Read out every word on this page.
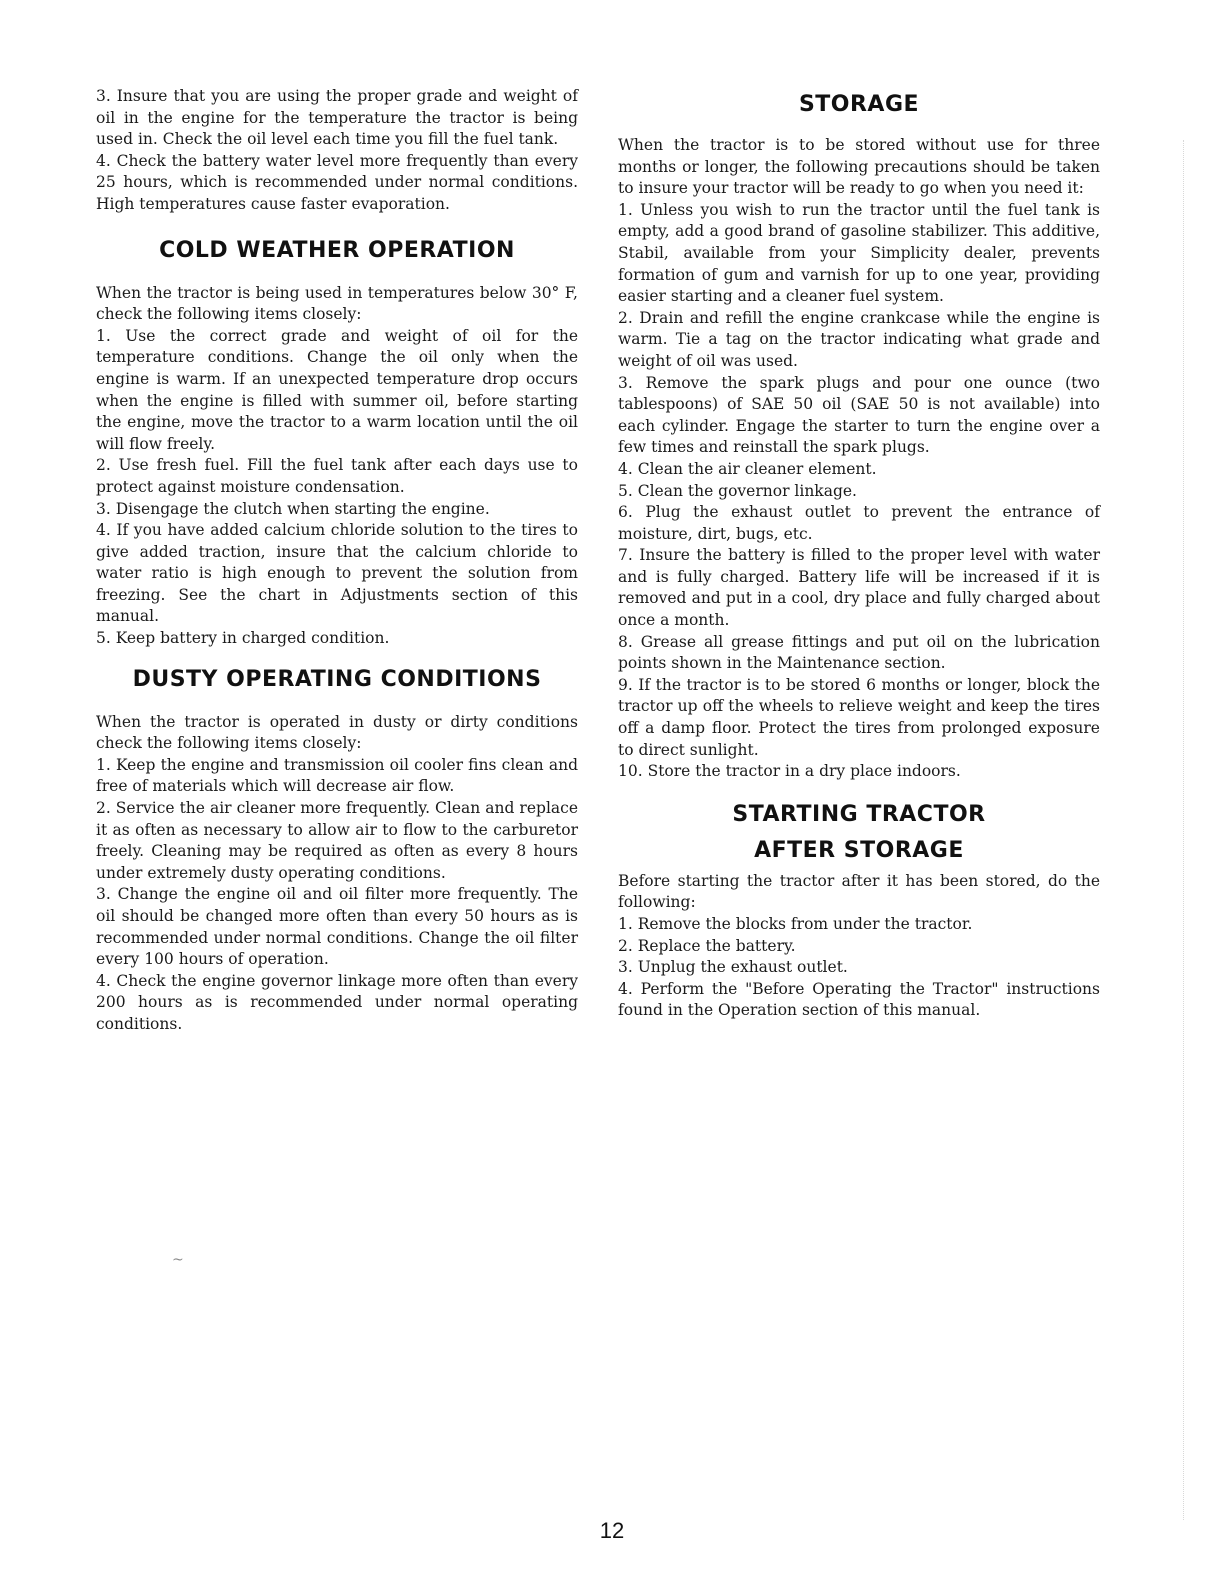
3. Insure that you are using the proper grade and weight of oil in the engine for the temperature the tractor is being used in. Check the oil level each time you fill the fuel tank.

4. Check the battery water level more frequently than every 25 hours, which is recommended under normal conditions. High temperatures cause faster evaporation.

COLD WEATHER OPERATION

When the tractor is being used in temperatures below 30° F, check the following items closely:

1. Use the correct grade and weight of oil for the temperature conditions. Change the oil only when the engine is warm. If an unexpected temperature drop occurs when the engine is filled with summer oil, before starting the engine, move the tractor to a warm location until the oil will flow freely.

2. Use fresh fuel. Fill the fuel tank after each days use to protect against moisture condensation.

3. Disengage the clutch when starting the engine.

4. If you have added calcium chloride solution to the tires to give added traction, insure that the calcium chloride to water ratio is high enough to prevent the solution from freezing. See the chart in Adjustments section of this manual.

5. Keep battery in charged condition.

DUSTY OPERATING CONDITIONS

When the tractor is operated in dusty or dirty conditions check the following items closely:

1. Keep the engine and transmission oil cooler fins clean and free of materials which will decrease air flow.

2. Service the air cleaner more frequently. Clean and replace it as often as necessary to allow air to flow to the carburetor freely. Cleaning may be required as often as every 8 hours under extremely dusty operating conditions.

3. Change the engine oil and oil filter more frequently. The oil should be changed more often than every 50 hours as is recommended under normal conditions. Change the oil filter every 100 hours of operation.

4. Check the engine governor linkage more often than every 200 hours as is recommended under normal operating conditions.

STORAGE

When the tractor is to be stored without use for three months or longer, the following precautions should be taken to insure your tractor will be ready to go when you need it:

1. Unless you wish to run the tractor until the fuel tank is empty, add a good brand of gasoline stabilizer. This additive, Stabil, available from your Simplicity dealer, prevents formation of gum and varnish for up to one year, providing easier starting and a cleaner fuel system.

2. Drain and refill the engine crankcase while the engine is warm. Tie a tag on the tractor indicating what grade and weight of oil was used.

3. Remove the spark plugs and pour one ounce (two tablespoons) of SAE 50 oil (SAE 50 is not available) into each cylinder. Engage the starter to turn the engine over a few times and reinstall the spark plugs.

4. Clean the air cleaner element.

5. Clean the governor linkage.

6. Plug the exhaust outlet to prevent the entrance of moisture, dirt, bugs, etc.

7. Insure the battery is filled to the proper level with water and is fully charged. Battery life will be increased if it is removed and put in a cool, dry place and fully charged about once a month.

8. Grease all grease fittings and put oil on the lubrication points shown in the Maintenance section.

9. If the tractor is to be stored 6 months or longer, block the tractor up off the wheels to relieve weight and keep the tires off a damp floor. Protect the tires from prolonged exposure to direct sunlight.

10. Store the tractor in a dry place indoors.

STARTING TRACTOR
AFTER STORAGE

Before starting the tractor after it has been stored, do the following:

1. Remove the blocks from under the tractor.

2. Replace the battery.

3. Unplug the exhaust outlet.

4. Perform the "Before Operating the Tractor" instructions found in the Operation section of this manual.

~
12
